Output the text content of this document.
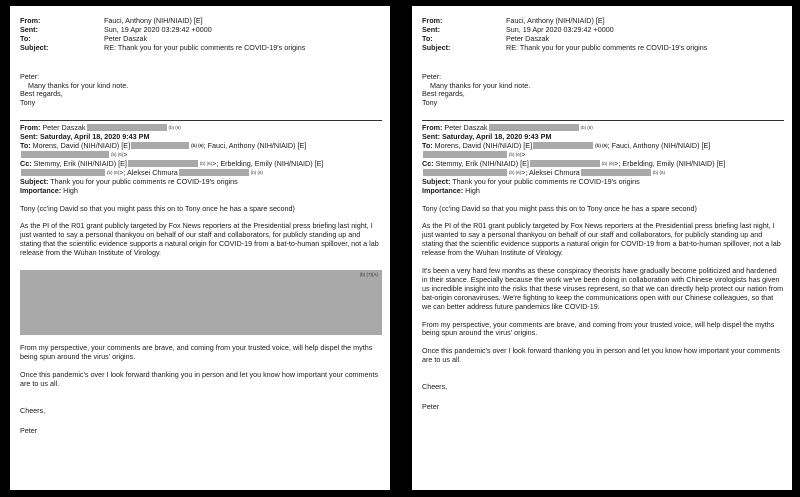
From:	Fauci, Anthony (NIH/NIAID) [E]
Sent:	Sun, 19 Apr 2020 03:29:42 +0000
To:	Peter Daszak
Subject:	RE: Thank you for your public comments re COVID-19's origins
Peter:
Many thanks for your kind note.
Best regards,
Tony
From: Peter Daszak	(b) (6)
Sent: Saturday, April 18, 2020 9:43 PM
To: Morens, David (NIH/NIAID) [E]	(b) (6); Fauci, Anthony (NIH/NIAID) [E]
(b) (6)>
Cc: Stemmy, Erik (NIH/NIAID) [E]	(b) (6)>; Erbelding, Emily (NIH/NIAID) [E]
(b) (6)>; Aleksei Chmura	(b) (6)
Subject: Thank you for your public comments re COVID-19's origins
Importance: High
Tony (cc'ing David so that you might pass this on to Tony once he has a spare second)
As the PI of the R01 grant publicly targeted by Fox News reporters at the Presidential press briefing last night, I just wanted to say a personal thankyou on behalf of our staff and collaborators, for publicly standing up and stating that the scientific evidence supports a natural origin for COVID-19 from a bat-to-human spillover, not a lab release from the Wuhan Institute of Virology.
(b) (7)(A)
From my perspective, your comments are brave, and coming from your trusted voice, will help dispel the myths being spun around the virus' origins.
Once this pandemic's over I look forward thanking you in person and let you know how important your comments are to us all.
Cheers,
Peter
From:	Fauci, Anthony (NIH/NIAID) [E]
Sent:	Sun, 19 Apr 2020 03:29:42 +0000
To:	Peter Daszak
Subject:	RE: Thank you for your public comments re COVID-19's origins
Peter:
Many thanks for your kind note.
Best regards,
Tony
From: Peter Daszak	(b) (6)
Sent: Saturday, April 18, 2020 9:43 PM
To: Morens, David (NIH/NIAID) [E]	(b) (6); Fauci, Anthony (NIH/NIAID) [E]
(b) (6)>
Cc: Stemmy, Erik (NIH/NIAID) [E]	(b) (6)>; Erbelding, Emily (NIH/NIAID) [E]
(b) (6)>; Aleksei Chmura	(b) (6)
Subject: Thank you for your public comments re COVID-19's origins
Importance: High
Tony (cc'ing David so that you might pass this on to Tony once he has a spare second)
As the PI of the R01 grant publicly targeted by Fox News reporters at the Presidential press briefing last night, I just wanted to say a personal thankyou on behalf of our staff and collaborators, for publicly standing up and stating that the scientific evidence supports a natural origin for COVID-19 from a bat-to-human spillover, not a lab release from the Wuhan Institute of Virology.
It's been a very hard few months as these conspiracy theorists have gradually become politicized and hardened in their stance. Especially because the work we've been doing in collaboration with Chinese virologists has given us incredible insight into the risks that these viruses represent, so that we can directly help protect our nation from bat-origin coronaviruses. We're fighting to keep the communications open with our Chinese colleagues, so that we can better address future pandemics like COVID-19.
From my perspective, your comments are brave, and coming from your trusted voice, will help dispel the myths being spun around the virus' origins.
Once this pandemic's over I look forward thanking you in person and let you know how important your comments are to us all.
Cheers,
Peter
